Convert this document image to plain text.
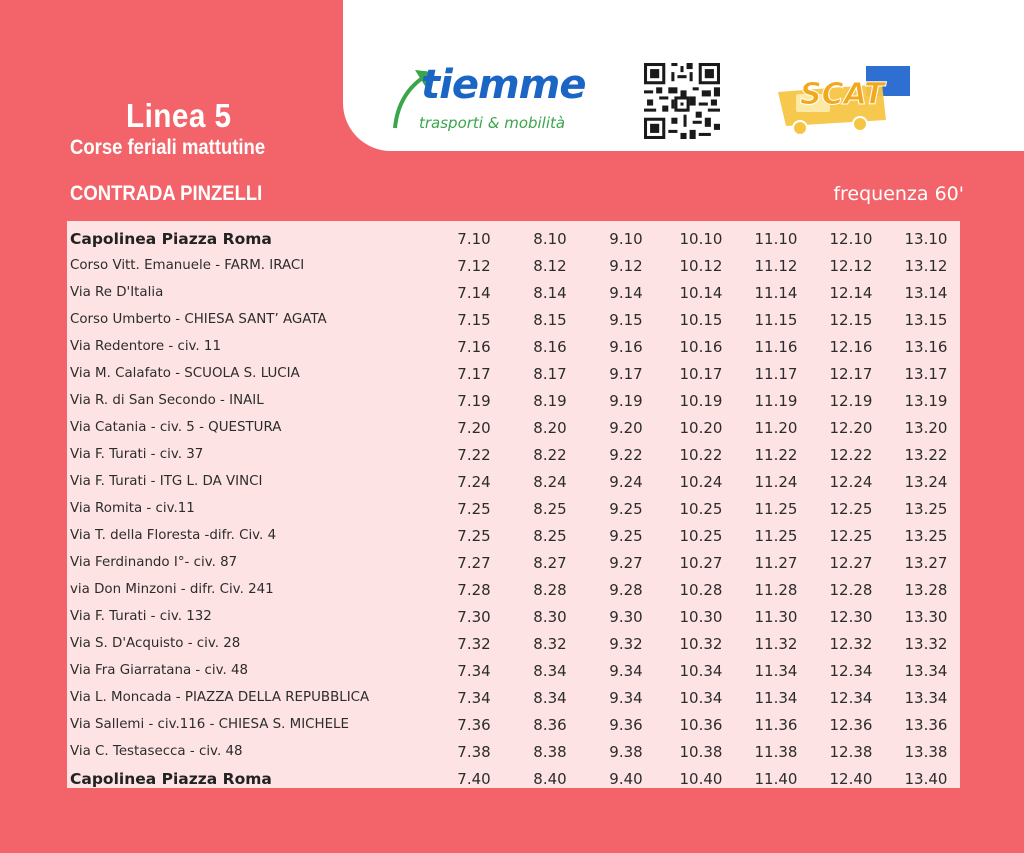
Linea 5
Corse feriali mattutine
CONTRADA PINZELLI	frequenza 60'
tiemme
trasporti & mobilità
SCAT
Capolinea Piazza Roma	7.10	8.10	9.10	10.10	11.10	12.10	13.10
Corso Vitt. Emanuele - FARM. IRACI	7.12	8.12	9.12	10.12	11.12	12.12	13.12
Via Re D'Italia	7.14	8.14	9.14	10.14	11.14	12.14	13.14
Corso Umberto - CHIESA SANT’ AGATA	7.15	8.15	9.15	10.15	11.15	12.15	13.15
Via Redentore - civ. 11	7.16	8.16	9.16	10.16	11.16	12.16	13.16
Via M. Calafato - SCUOLA S. LUCIA	7.17	8.17	9.17	10.17	11.17	12.17	13.17
Via R. di San Secondo - INAIL	7.19	8.19	9.19	10.19	11.19	12.19	13.19
Via Catania - civ. 5 - QUESTURA	7.20	8.20	9.20	10.20	11.20	12.20	13.20
Via F. Turati - civ. 37	7.22	8.22	9.22	10.22	11.22	12.22	13.22
Via F. Turati - ITG L. DA VINCI	7.24	8.24	9.24	10.24	11.24	12.24	13.24
Via Romita - civ.11	7.25	8.25	9.25	10.25	11.25	12.25	13.25
Via T. della Floresta -difr. Civ. 4	7.25	8.25	9.25	10.25	11.25	12.25	13.25
Via Ferdinando I°- civ. 87	7.27	8.27	9.27	10.27	11.27	12.27	13.27
via Don Minzoni - difr. Civ. 241	7.28	8.28	9.28	10.28	11.28	12.28	13.28
Via F. Turati - civ. 132	7.30	8.30	9.30	10.30	11.30	12.30	13.30
Via S. D'Acquisto - civ. 28	7.32	8.32	9.32	10.32	11.32	12.32	13.32
Via Fra Giarratana - civ. 48	7.34	8.34	9.34	10.34	11.34	12.34	13.34
Via L. Moncada - PIAZZA DELLA REPUBBLICA	7.34	8.34	9.34	10.34	11.34	12.34	13.34
Via Sallemi - civ.116 - CHIESA S. MICHELE	7.36	8.36	9.36	10.36	11.36	12.36	13.36
Via C. Testasecca - civ. 48	7.38	8.38	9.38	10.38	11.38	12.38	13.38
Capolinea Piazza Roma	7.40	8.40	9.40	10.40	11.40	12.40	13.40
